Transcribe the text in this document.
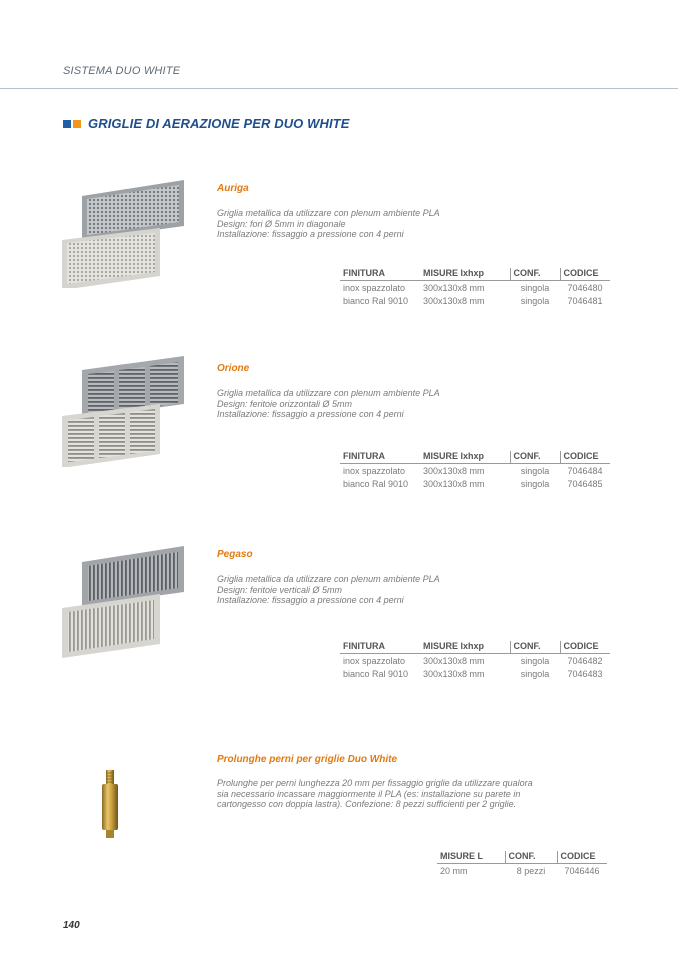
SISTEMA DUO WHITE
GRIGLIE DI AERAZIONE PER DUO WHITE
Auriga
Griglia metallica da utilizzare con plenum ambiente PLA
Design: fori Ø 5mm in diagonale
Installazione: fissaggio a pressione con 4 perni
FINITURA	MISURE lxhxp	CONF.	CODICE
inox spazzolato	300x130x8 mm	singola	7046480
bianco Ral 9010	300x130x8 mm	singola	7046481
Orione
Griglia metallica da utilizzare con plenum ambiente PLA
Design: feritoie orizzontali Ø 5mm
Installazione: fissaggio a pressione con 4 perni
FINITURA	MISURE lxhxp	CONF.	CODICE
inox spazzolato	300x130x8 mm	singola	7046484
bianco Ral 9010	300x130x8 mm	singola	7046485
Pegaso
Griglia metallica da utilizzare con plenum ambiente PLA
Design: feritoie verticali Ø 5mm
Installazione: fissaggio a pressione con 4 perni
FINITURA	MISURE lxhxp	CONF.	CODICE
inox spazzolato	300x130x8 mm	singola	7046482
bianco Ral 9010	300x130x8 mm	singola	7046483
Prolunghe perni per griglie Duo White
Prolunghe per perni lunghezza 20 mm per fissaggio griglie da utilizzare qualora
sia necessario incassare maggiormente il PLA (es: installazione su parete in
cartongesso con doppia lastra). Confezione: 8 pezzi sufficienti per 2 griglie.
MISURE L	CONF.	CODICE
20 mm	8 pezzi	7046446
140
